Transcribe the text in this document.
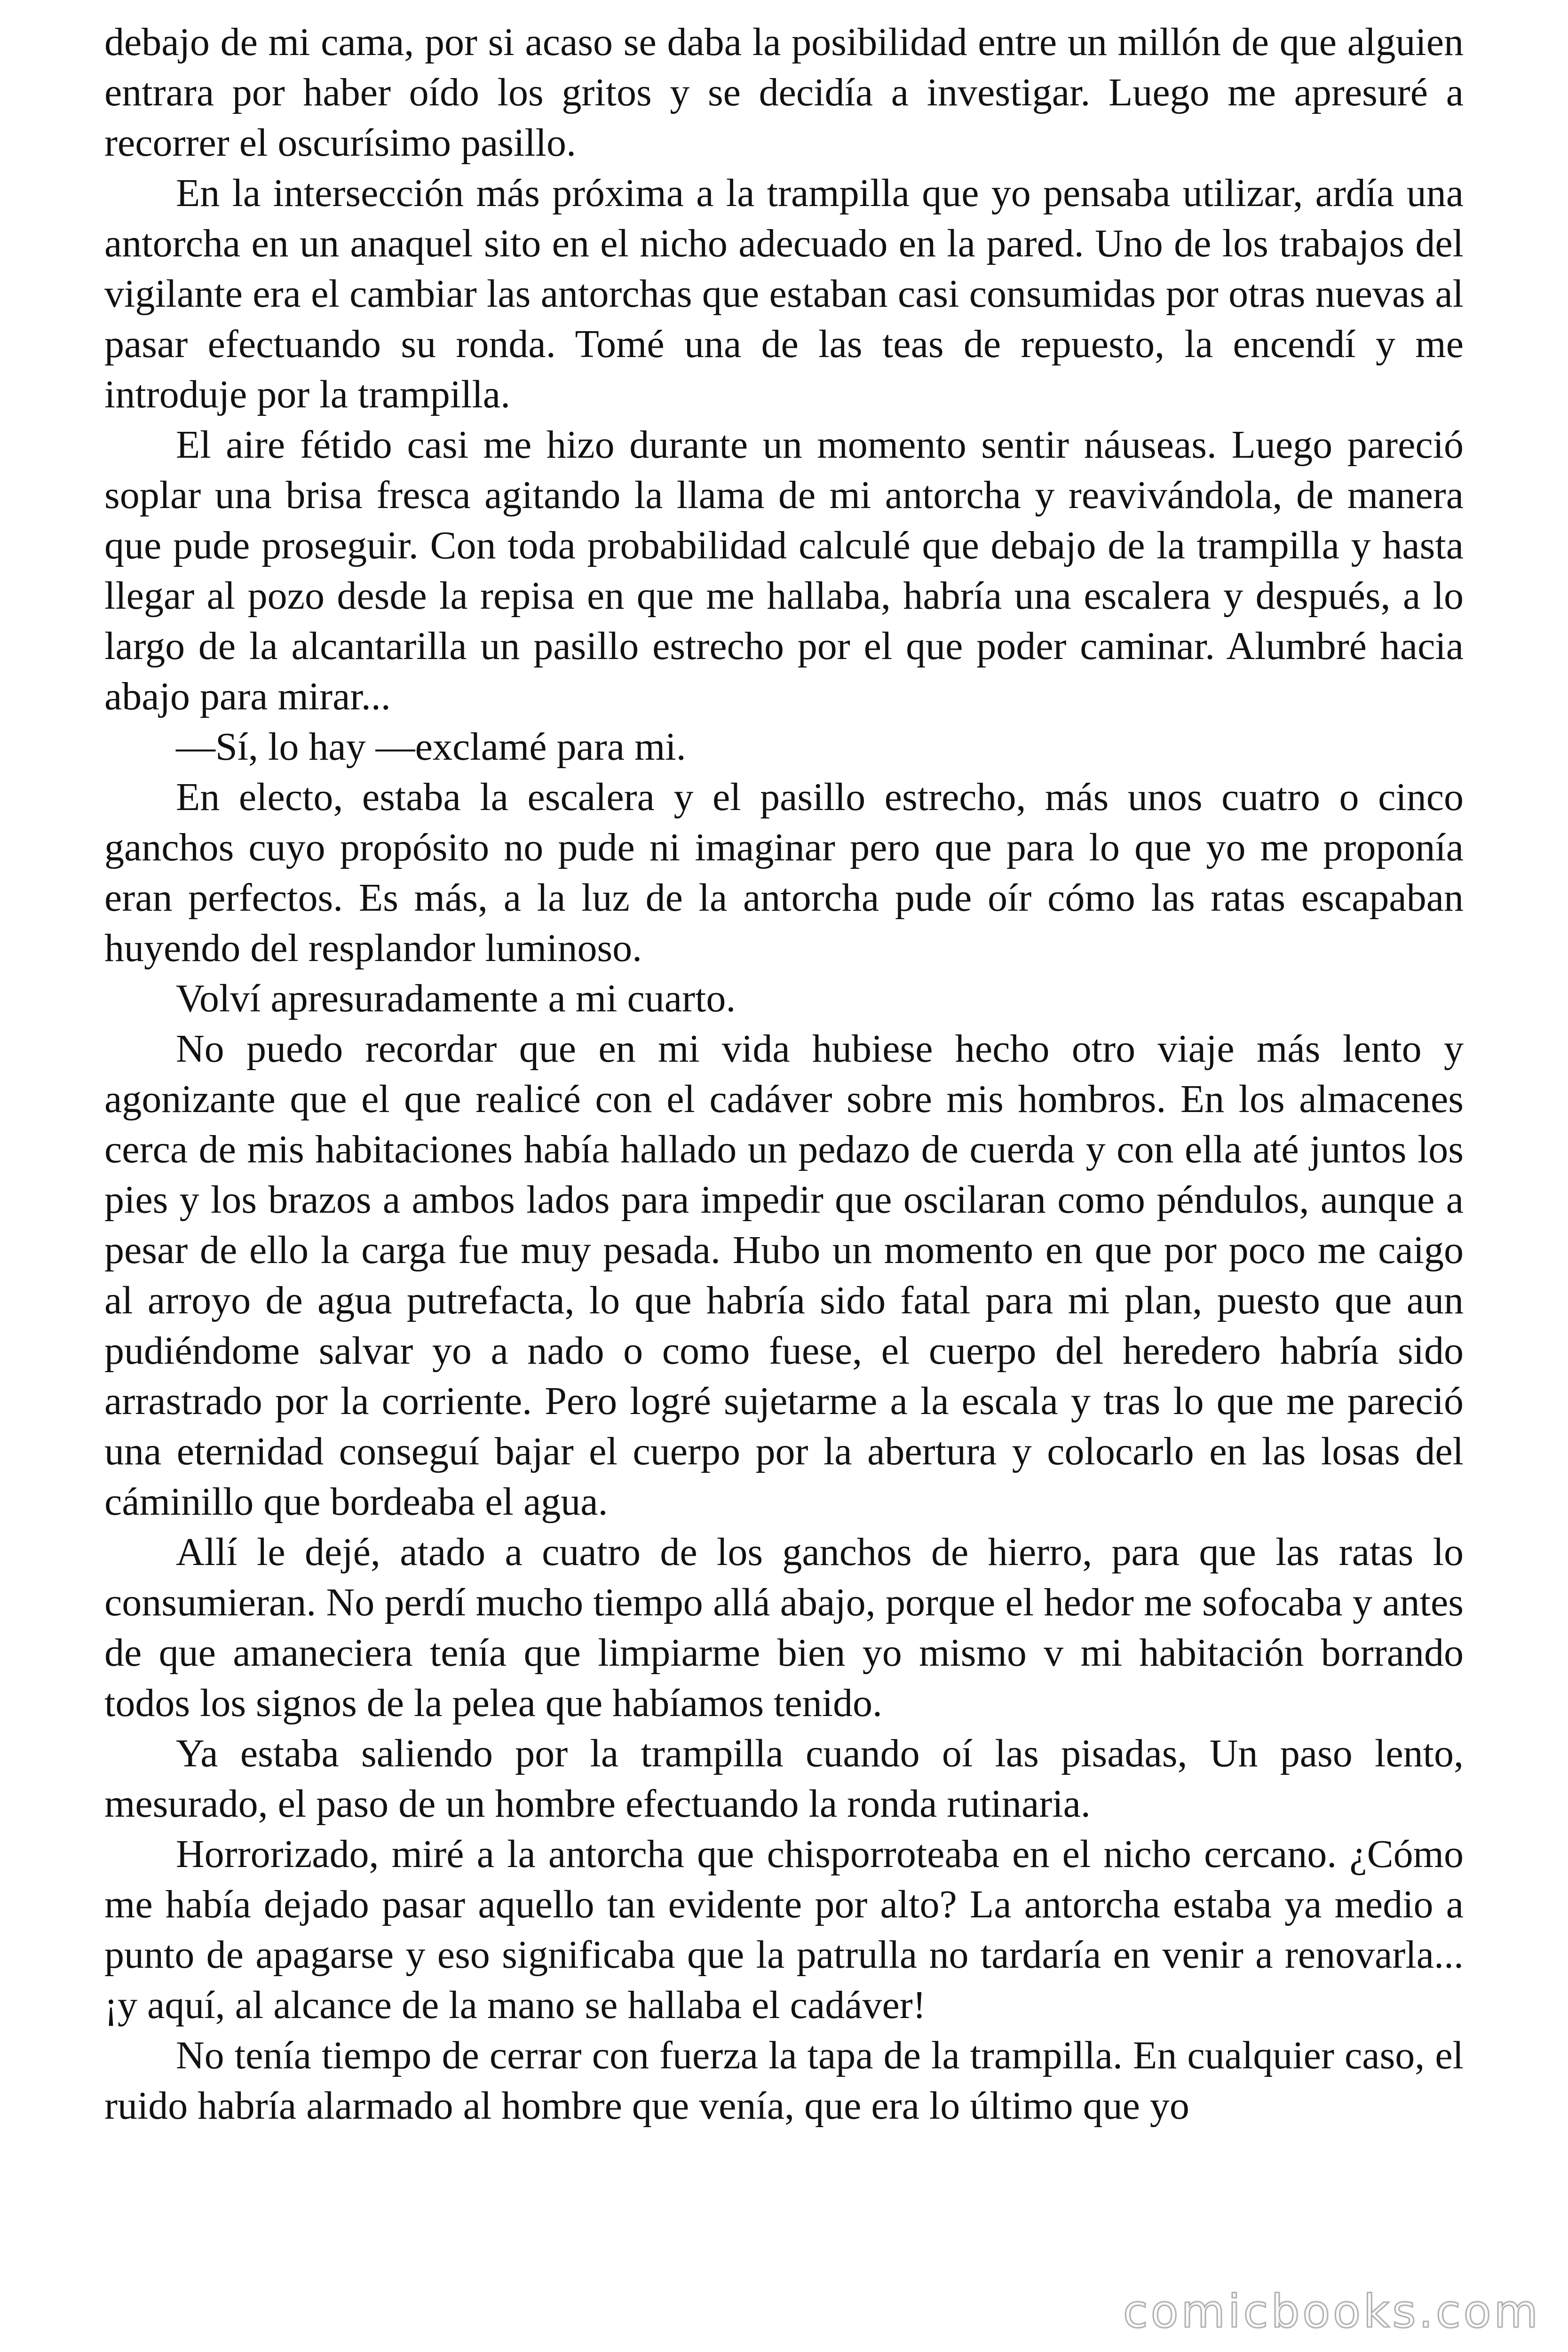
debajo de mi cama, por si acaso se daba la posibilidad entre un millón de que alguien entrara por haber oído los gritos y se decidía a investigar. Luego me apresuré a recorrer el oscurísimo pasillo.

En la intersección más próxima a la trampilla que yo pensaba utilizar, ardía una antorcha en un anaquel sito en el nicho adecuado en la pared. Uno de los trabajos del vigilante era el cambiar las antorchas que estaban casi consumidas por otras nuevas al pasar efectuando su ronda. Tomé una de las teas de repuesto, la encendí y me introduje por la trampilla.

El aire fétido casi me hizo durante un momento sentir náuseas. Luego pareció soplar una brisa fresca agitando la llama de mi antorcha y reavivándola, de manera que pude proseguir. Con toda probabilidad calculé que debajo de la trampilla y hasta llegar al pozo desde la repisa en que me hallaba, habría una escalera y después, a lo largo de la alcantarilla un pasillo estrecho por el que poder caminar. Alumbré hacia abajo para mirar...

—Sí, lo hay —exclamé para mi.

En electo, estaba la escalera y el pasillo estrecho, más unos cuatro o cinco ganchos cuyo propósito no pude ni imaginar pero que para lo que yo me proponía eran perfectos. Es más, a la luz de la antorcha pude oír cómo las ratas escapaban huyendo del resplandor luminoso.

Volví apresuradamente a mi cuarto.

No puedo recordar que en mi vida hubiese hecho otro viaje más lento y agonizante que el que realicé con el cadáver sobre mis hombros. En los almacenes cerca de mis habitaciones había hallado un pedazo de cuerda y con ella até juntos los pies y los brazos a ambos lados para impedir que oscilaran como péndulos, aunque a pesar de ello la carga fue muy pesada. Hubo un momento en que por poco me caigo al arroyo de agua putrefacta, lo que habría sido fatal para mi plan, puesto que aun pudiéndome salvar yo a nado o como fuese, el cuerpo del heredero habría sido arrastrado por la corriente. Pero logré sujetarme a la escala y tras lo que me pareció una eternidad conseguí bajar el cuerpo por la abertura y colocarlo en las losas del cáminillo que bordeaba el agua.

Allí le dejé, atado a cuatro de los ganchos de hierro, para que las ratas lo consumieran. No perdí mucho tiempo allá abajo, porque el hedor me sofocaba y antes de que amaneciera tenía que limpiarme bien yo mismo v mi habitación borrando todos los signos de la pelea que habíamos tenido.

Ya estaba saliendo por la trampilla cuando oí las pisadas, Un paso lento, mesurado, el paso de un hombre efectuando la ronda rutinaria.

Horrorizado, miré a la antorcha que chisporroteaba en el nicho cercano. ¿Cómo me había dejado pasar aquello tan evidente por alto? La antorcha estaba ya medio a punto de apagarse y eso significaba que la patrulla no tardaría en venir a renovarla... ¡y aquí, al alcance de la mano se hallaba el cadáver!

No tenía tiempo de cerrar con fuerza la tapa de la trampilla. En cualquier caso, el ruido habría alarmado al hombre que venía, que era lo último que yo

comicbooks.com
